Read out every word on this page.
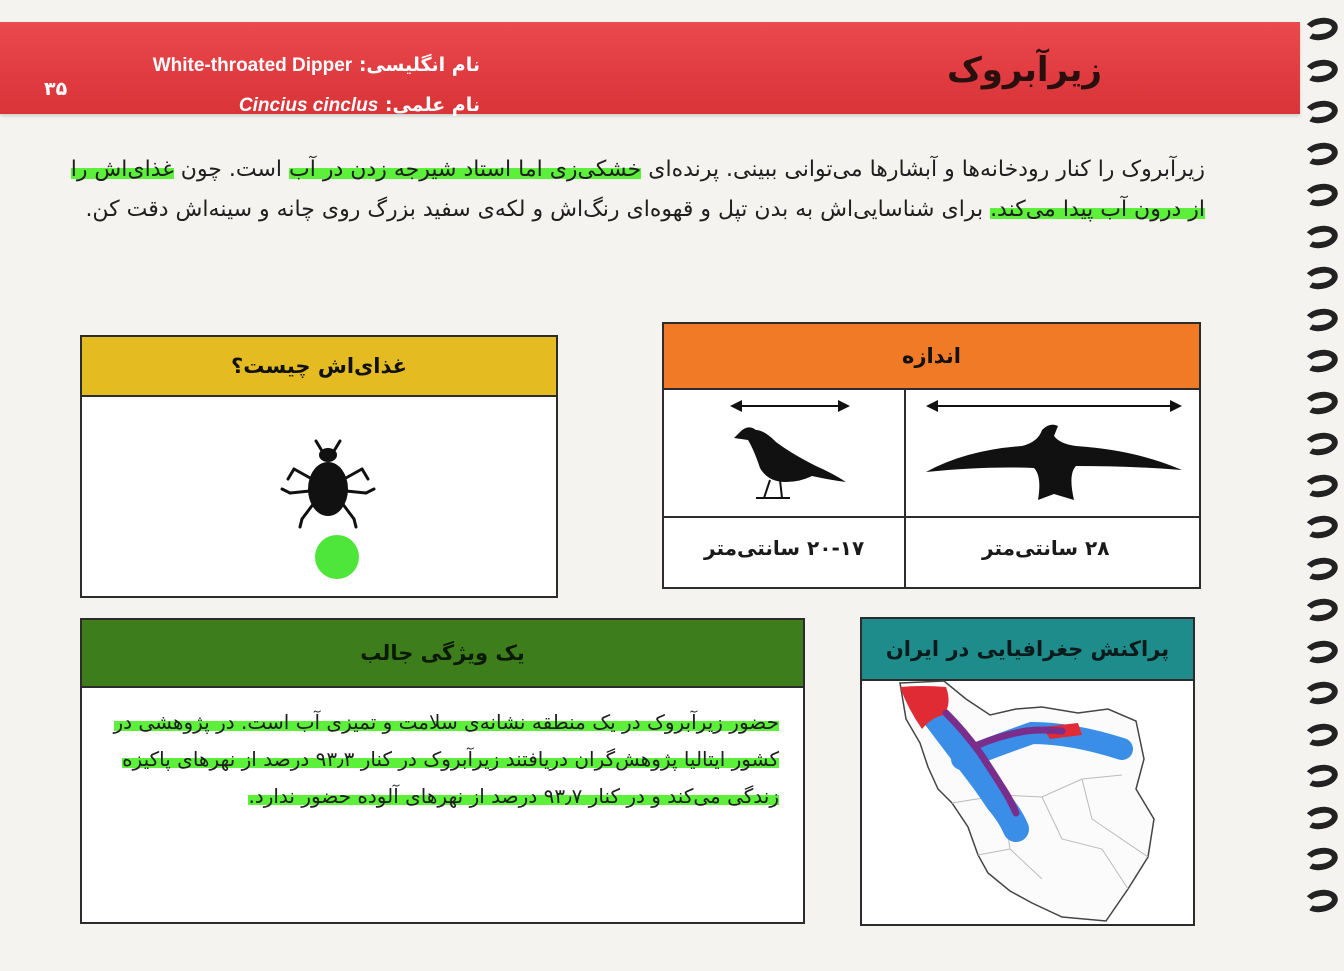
۳۵	زیرآبروک
نام انگلیسی: White-throated Dipper
نام علمی: Cincius cinclus
زیرآبروک را کنار رودخانه‌ها و آبشارها می‌توانی ببینی. پرنده‌ای خشکی‌زی اما استاد شیرجه زدن در آب است. چون غذای‌اش را از درون آب پیدا می‌کند. برای شناسایی‌اش به بدن تپل و قهوه‌ای رنگ‌اش و لکه‌ی سفید بزرگ روی چانه و سینه‌اش دقت کن.
غذای‌اش چیست؟	اندازه
۲۰-۱۷ سانتی‌متر	۲۸ سانتی‌متر
یک ویژگی جالب
حضور زیرآبروک در یک منطقه نشانه‌ی سلامت و تمیزی آب است. در پژوهشی در کشور ایتالیا پژوهش‌گران دریافتند زیرآبروک در کنار ۹۳٫۳ درصد از نهرهای پاکیزه زندگی می‌کند و در کنار ۹۳٫۷ درصد از نهرهای آلوده حضور ندارد.
پراکنش جغرافیایی در ایران
